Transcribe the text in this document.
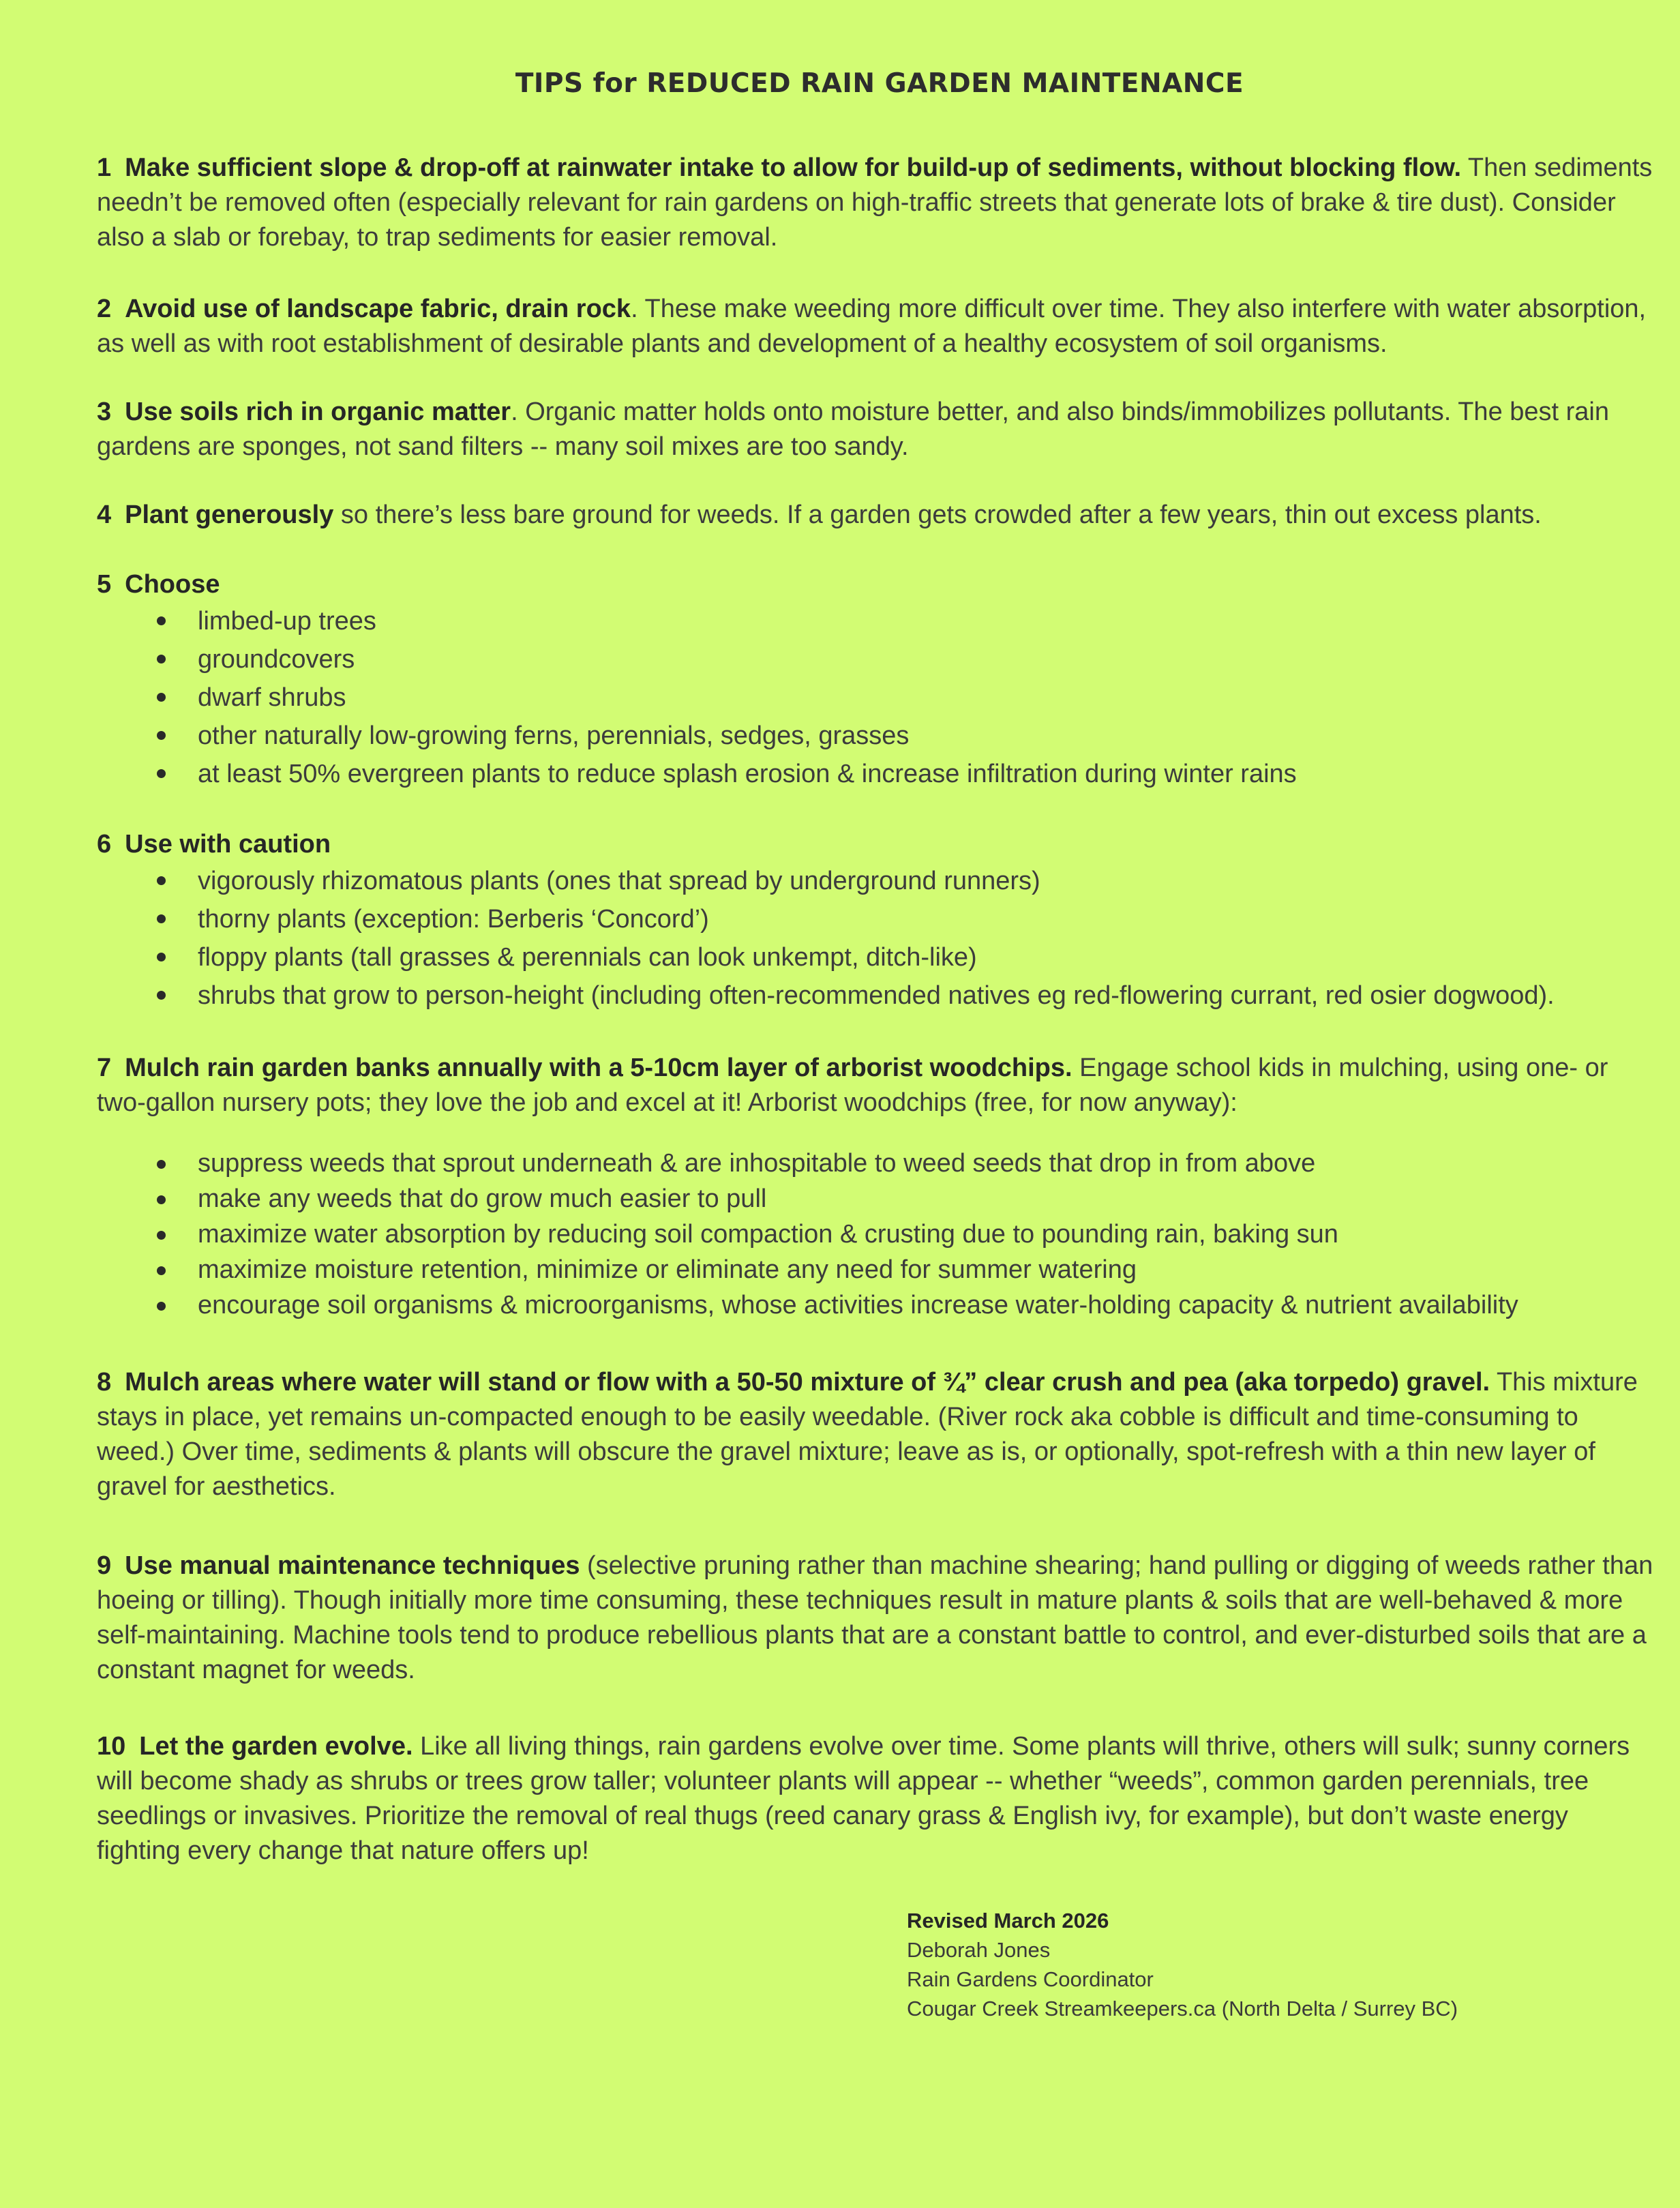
TIPS for REDUCED RAIN GARDEN MAINTENANCE
1 Make sufficient slope & drop-off at rainwater intake to allow for build-up of sediments, without blocking flow. Then sediments needn’t be removed often (especially relevant for rain gardens on high-traffic streets that generate lots of brake & tire dust). Consider also a slab or forebay, to trap sediments for easier removal.
2 Avoid use of landscape fabric, drain rock. These make weeding more difficult over time. They also interfere with water absorption, as well as with root establishment of desirable plants and development of a healthy ecosystem of soil organisms.
3 Use soils rich in organic matter. Organic matter holds onto moisture better, and also binds/immobilizes pollutants. The best rain gardens are sponges, not sand filters -- many soil mixes are too sandy.
4 Plant generously so there’s less bare ground for weeds. If a garden gets crowded after a few years, thin out excess plants.
5 Choose
limbed-up trees
groundcovers
dwarf shrubs
other naturally low-growing ferns, perennials, sedges, grasses
at least 50% evergreen plants to reduce splash erosion & increase infiltration during winter rains
6 Use with caution
vigorously rhizomatous plants (ones that spread by underground runners)
thorny plants (exception: Berberis ‘Concord’)
floppy plants (tall grasses & perennials can look unkempt, ditch-like)
shrubs that grow to person-height (including often-recommended natives eg red-flowering currant, red osier dogwood).
7 Mulch rain garden banks annually with a 5-10cm layer of arborist woodchips. Engage school kids in mulching, using one- or two-gallon nursery pots; they love the job and excel at it! Arborist woodchips (free, for now anyway):
suppress weeds that sprout underneath & are inhospitable to weed seeds that drop in from above
make any weeds that do grow much easier to pull
maximize water absorption by reducing soil compaction & crusting due to pounding rain, baking sun
maximize moisture retention, minimize or eliminate any need for summer watering
encourage soil organisms & microorganisms, whose activities increase water-holding capacity & nutrient availability
8 Mulch areas where water will stand or flow with a 50-50 mixture of ¾” clear crush and pea (aka torpedo) gravel. This mixture stays in place, yet remains un-compacted enough to be easily weedable. (River rock aka cobble is difficult and time-consuming to weed.) Over time, sediments & plants will obscure the gravel mixture; leave as is, or optionally, spot-refresh with a thin new layer of gravel for aesthetics.
9 Use manual maintenance techniques (selective pruning rather than machine shearing; hand pulling or digging of weeds rather than hoeing or tilling). Though initially more time consuming, these techniques result in mature plants & soils that are well-behaved & more self-maintaining. Machine tools tend to produce rebellious plants that are a constant battle to control, and ever-disturbed soils that are a constant magnet for weeds.
10 Let the garden evolve. Like all living things, rain gardens evolve over time. Some plants will thrive, others will sulk; sunny corners will become shady as shrubs or trees grow taller; volunteer plants will appear -- whether “weeds”, common garden perennials, tree seedlings or invasives. Prioritize the removal of real thugs (reed canary grass & English ivy, for example), but don’t waste energy fighting every change that nature offers up!
Revised March 2026
Deborah Jones
Rain Gardens Coordinator
Cougar Creek Streamkeepers.ca (North Delta / Surrey BC)
